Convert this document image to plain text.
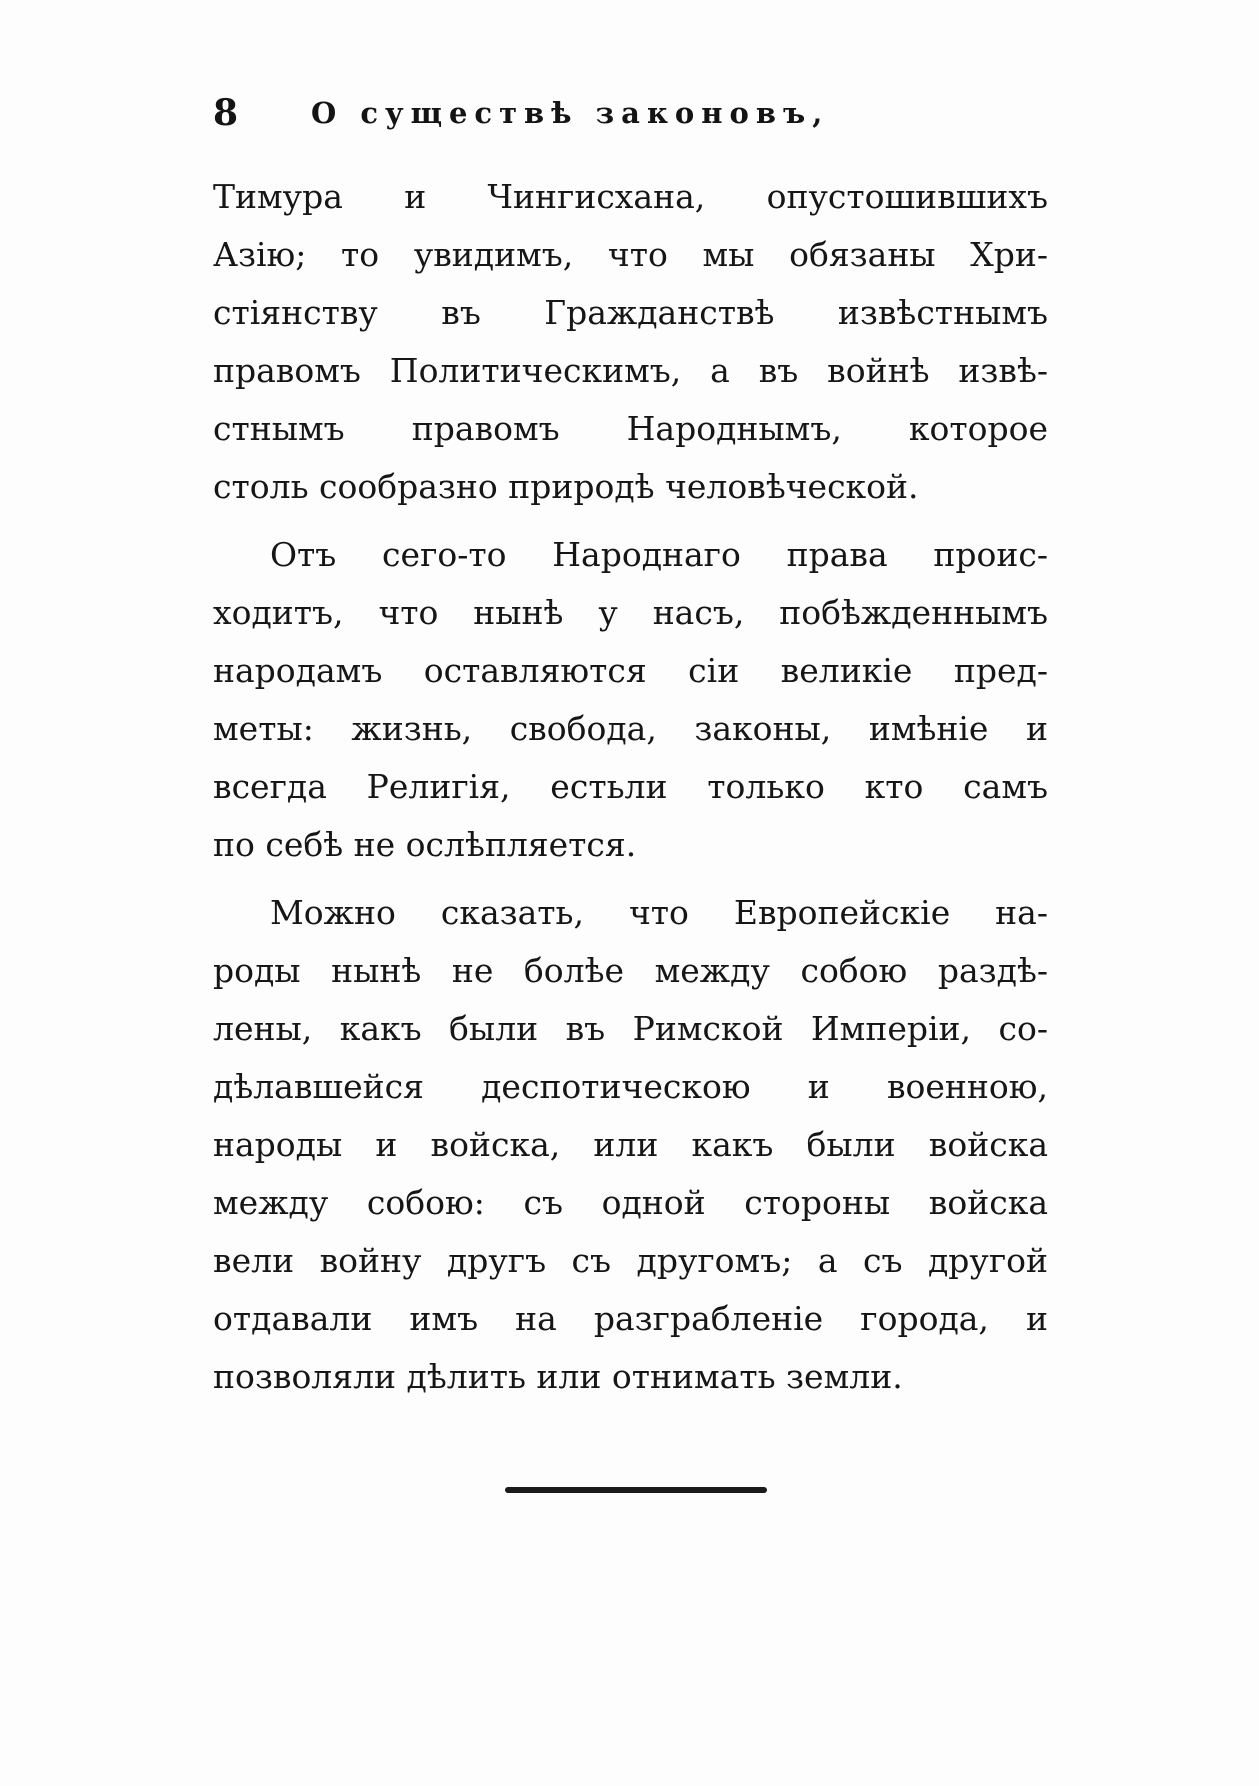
8	О существѣ законовъ,
Тимура и Чингисхана, опустошившихъ
Азію; то увидимъ, что мы обязаны Хри-
стіянству въ Гражданствѣ извѣстнымъ
правомъ Политическимъ, а въ войнѣ извѣ-
стнымъ правомъ Народнымъ, которое
столь сообразно природѣ человѣческой.
Отъ сего-то Народнаго права проис-
ходитъ, что нынѣ у насъ, побѣжденнымъ
народамъ оставляются сіи великіе пред-
меты: жизнь, свобода, законы, имѣніе и
всегда Религія, естьли только кто самъ
по себѣ не ослѣпляется.
Можно сказать, что Европейскіе на-
роды нынѣ не болѣе между собою раздѣ-
лены, какъ были въ Римской Имперіи, со-
дѣлавшейся деспотическою и военною,
народы и войска, или какъ были войска
между собою: съ одной стороны войска
вели войну другъ съ другомъ; а съ другой
отдавали имъ на разграбленіе города, и
позволяли дѣлить или отнимать земли.
